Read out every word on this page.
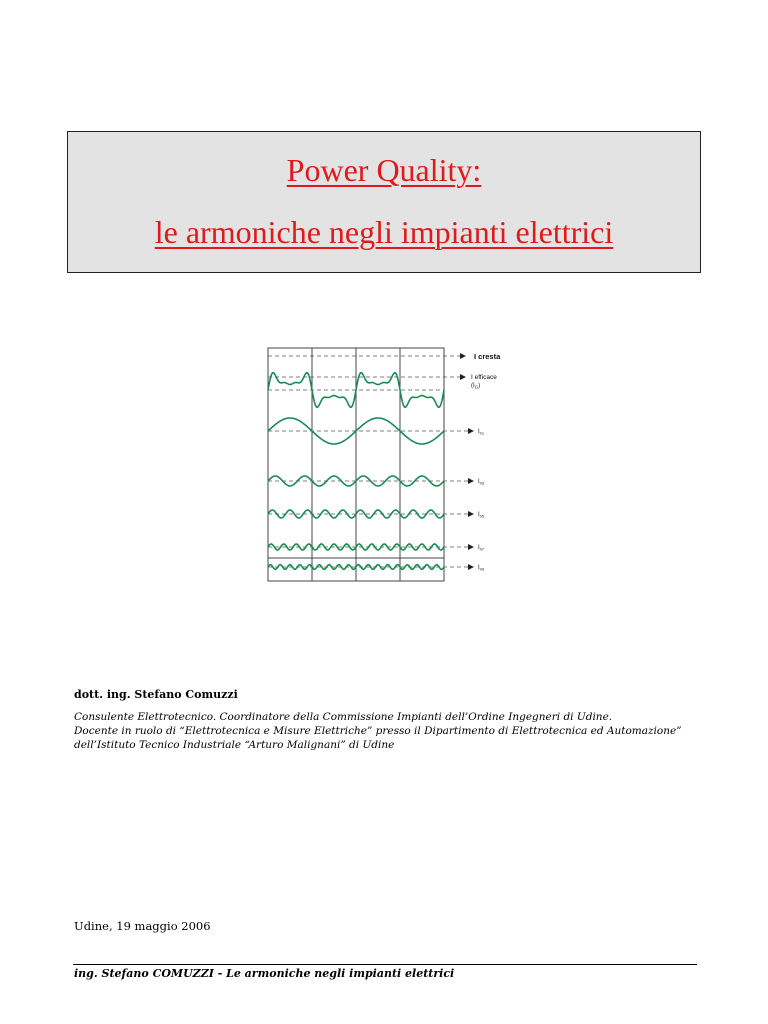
Power Quality:
le armoniche negli impianti elettrici
I cresta
I efficace
$(I_G)$
$I_{h1}$
$I_{h3}$
$I_{h5}$
$I_{h7}$
$I_{h9}$
dott. ing. Stefano Comuzzi
Consulente Elettrotecnico. Coordinatore della Commissione Impianti dell’Ordine Ingegneri di Udine.
Docente in ruolo di “Elettrotecnica e Misure Elettriche” presso il Dipartimento di Elettrotecnica ed Automazione”
dell’Istituto Tecnico Industriale “Arturo Malignani” di Udine
Udine, 19 maggio 2006
ing. Stefano COMUZZI - Le armoniche negli impianti elettrici
